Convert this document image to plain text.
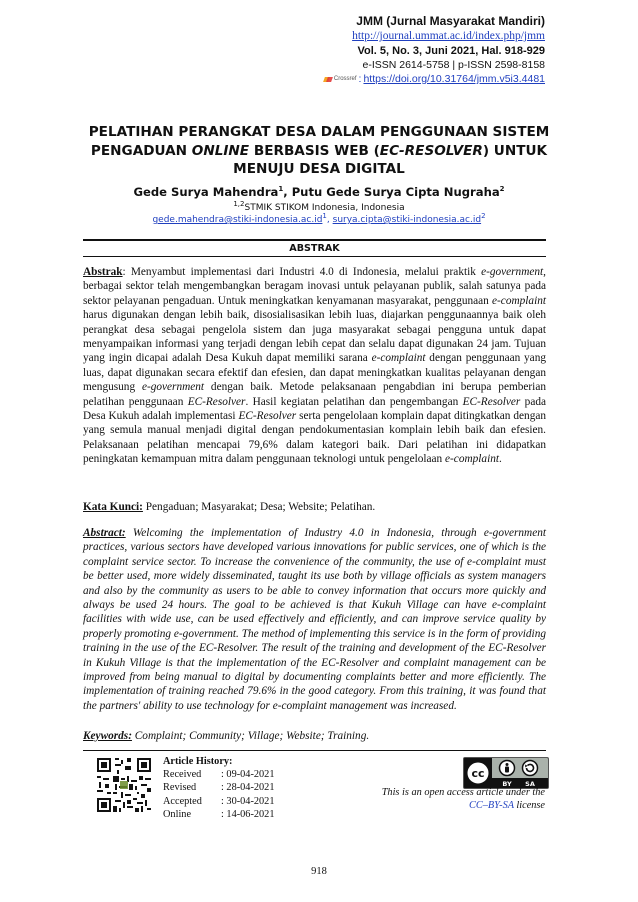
JMM (Jurnal Masyarakat Mandiri)
http://journal.ummat.ac.id/index.php/jmm
Vol. 5, No. 3, Juni 2021, Hal. 918-929
e-ISSN 2614-5758 | p-ISSN 2598-8158
Crossref : https://doi.org/10.31764/jmm.v5i3.4481
PELATIHAN PERANGKAT DESA DALAM PENGGUNAAN SISTEM PENGADUAN ONLINE BERBASIS WEB (EC-RESOLVER) UNTUK MENUJU DESA DIGITAL
Gede Surya Mahendra$^1$, Putu Gede Surya Cipta Nugraha$^2$
$^{1,2}$STMIK STIKOM Indonesia, Indonesia
$gede.mahendra@stiki-indonesia.ac.id^1$, $surya.cipta@stiki-indonesia.ac.id^2$
ABSTRAK
Abstrak: Menyambut implementasi dari Industri 4.0 di Indonesia, melalui praktik e-government, berbagai sektor telah mengembangkan beragam inovasi untuk pelayanan publik, salah satunya pada sektor pelayanan pengaduan. Untuk meningkatkan kenyamanan masyarakat, penggunaan e-complaint harus digunakan dengan lebih baik, disosialisasikan lebih luas, diajarkan penggunaannya baik oleh perangkat desa sebagai pengelola sistem dan juga masyarakat sebagai pengguna untuk dapat menyampaikan informasi yang terjadi dengan lebih cepat dan selalu dapat digunakan 24 jam. Tujuan yang ingin dicapai adalah Desa Kukuh dapat memiliki sarana e-complaint dengan penggunaan yang luas, dapat digunakan secara efektif dan efesien, dan dapat meningkatkan kualitas pelayanan dengan mengusung e-government dengan baik. Metode pelaksanaan pengabdian ini berupa pemberian pelatihan penggunaan EC-Resolver. Hasil kegiatan pelatihan dan pengembangan EC-Resolver pada Desa Kukuh adalah implementasi EC-Resolver serta pengelolaan komplain dapat ditingkatkan dengan yang semula manual menjadi digital dengan pendokumentasian komplain lebih baik dan efesien. Pelaksanaan pelatihan mencapai 79,6% dalam kategori baik. Dari pelatihan ini didapatkan peningkatan kemampuan mitra dalam penggunaan teknologi untuk pengelolaan e-complaint.
Kata Kunci: Pengaduan; Masyarakat; Desa; Website; Pelatihan.
Abstract: Welcoming the implementation of Industry 4.0 in Indonesia, through e-government practices, various sectors have developed various innovations for public services, one of which is the complaint service sector. To increase the convenience of the community, the use of e-complaint must be better used, more widely disseminated, taught its use both by village officials as system managers and also by the community as users to be able to convey information that occurs more quickly and always be used 24 hours. The goal to be achieved is that Kukuh Village can have e-complaint facilities with wide use, can be used effectively and efficiently, and can improve service quality by properly promoting e-government. The method of implementing this service is in the form of providing training in the use of the EC-Resolver. The result of the training and development of the EC-Resolver in Kukuh Village is that the implementation of the EC-Resolver and complaint management can be improved from being manual to digital by documenting complaints better and more efficiently. The implementation of training reached 79.6% in the good category. From this training, it was found that the partners' ability to use technology for e-complaint management was increased.
Keywords: Complaint; Community; Village; Website; Training.
Article History:
Received	: 09-04-2021
Revised	: 28-04-2021
Accepted	: 30-04-2021
Online	: 14-06-2021
cc
BY SA
This is an open access article under the
CC–BY-SA license
918
